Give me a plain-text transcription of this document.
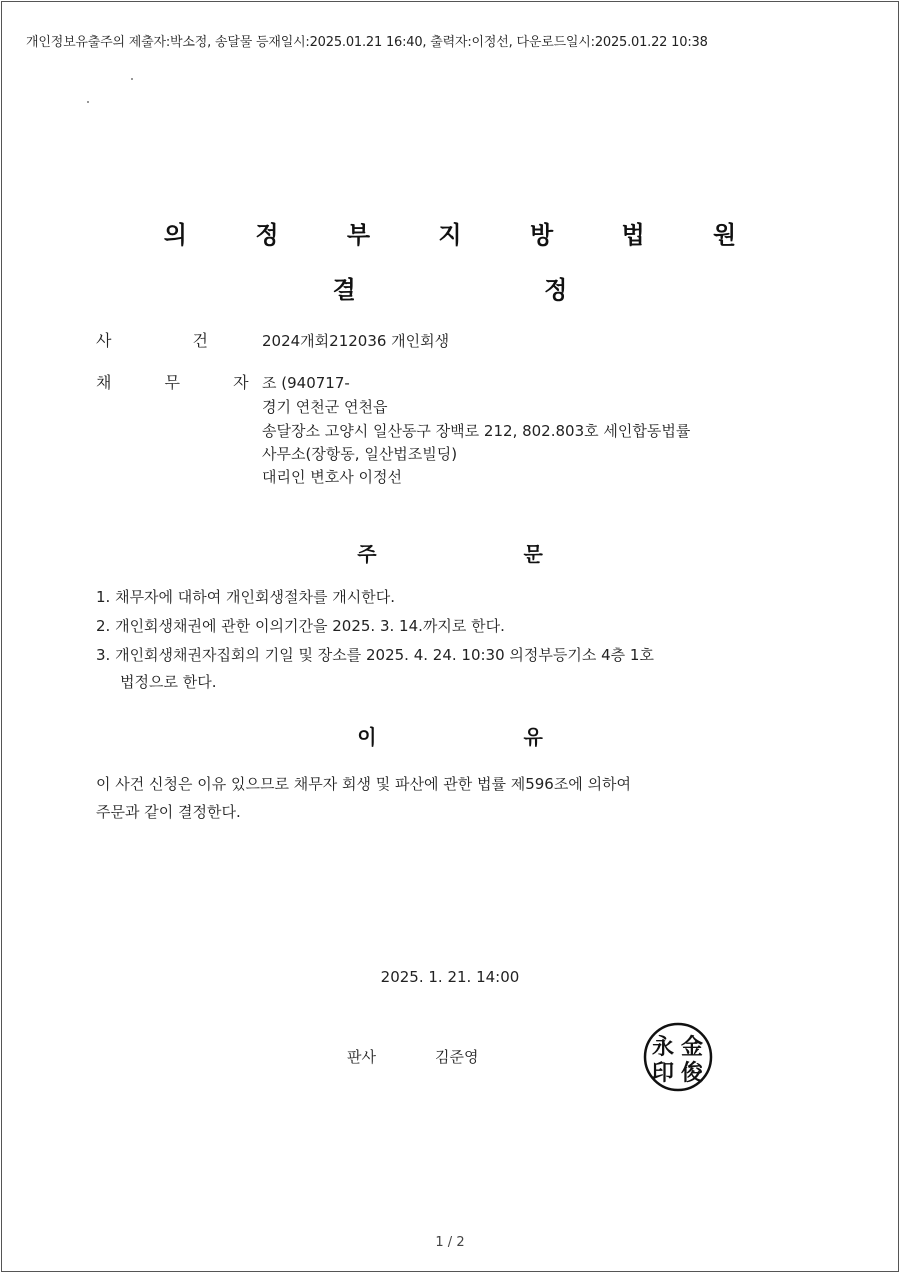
개인정보유출주의 제출자:박소정, 송달물 등재일시:2025.01.21 16:40, 출력자:이정선, 다운로드일시:2025.01.22 10:38
의 정 부 지 방 법 원
결 정
사 건 2024개회212036 개인회생
채 무 자
조 (940717-
경기 연천군 연천읍
송달장소 고양시 일산동구 장백로 212, 802.803호 세인합동법률
사무소(장항동, 일산법조빌딩)
대리인 변호사 이정선
주 문
1. 채무자에 대하여 개인회생절차를 개시한다.
2. 개인회생채권에 관한 이의기간을 2025. 3. 14.까지로 한다.
3. 개인회생채권자집회의 기일 및 장소를 2025. 4. 24. 10:30 의정부등기소 4층 1호
법정으로 한다.
이 유
이 사건 신청은 이유 있으므로 채무자 회생 및 파산에 관한 법률 제596조에 의하여
주문과 같이 결정한다.
2025. 1. 21. 14:00
판사	김준영	永 金
印 俊
1 / 2
